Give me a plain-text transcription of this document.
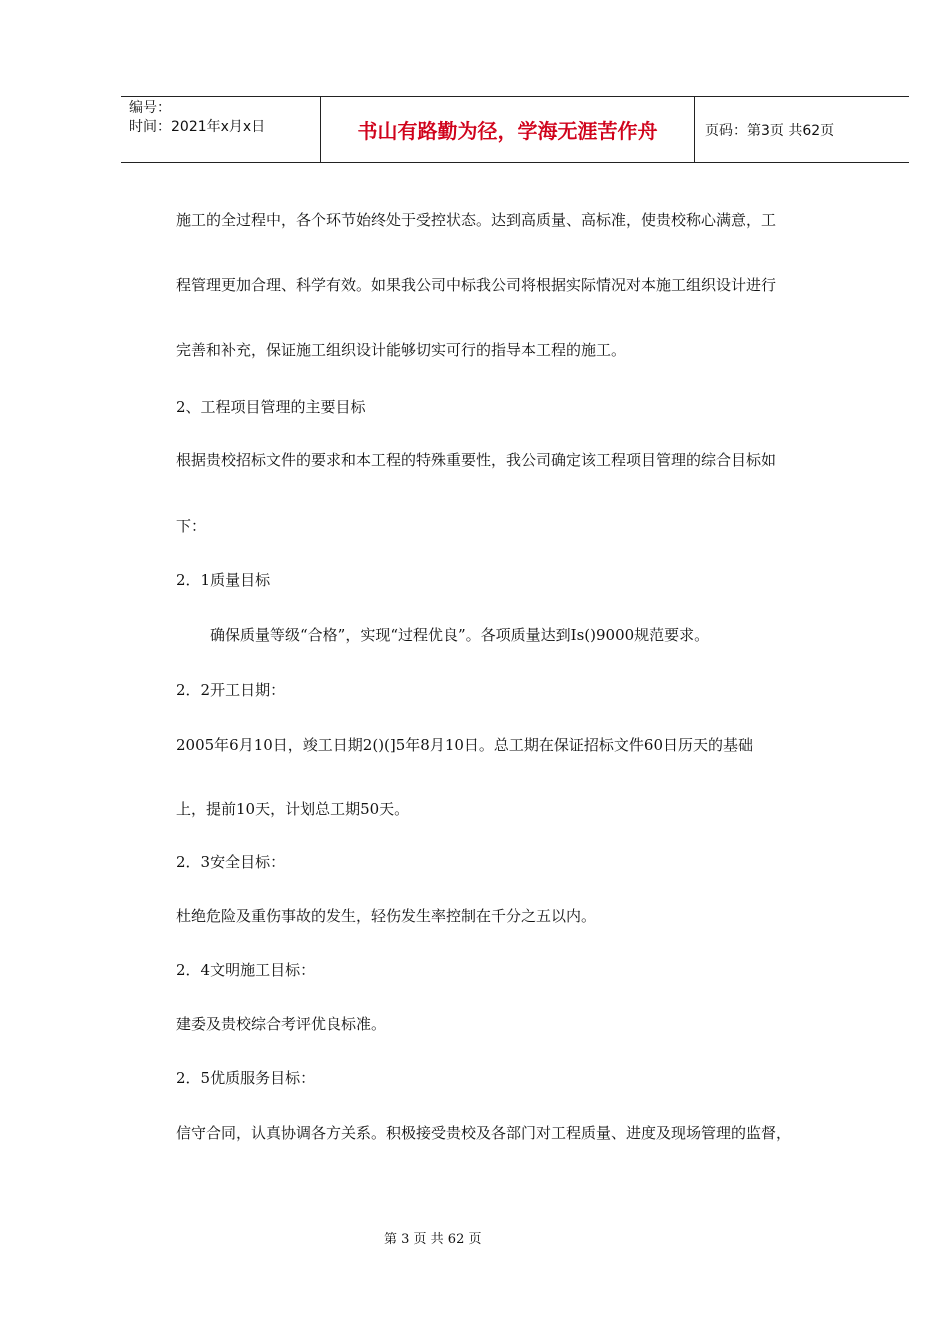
编号：
时间：2021年x月x日	书山有路勤为径，学海无涯苦作舟	页码：第3页 共62页
施工的全过程中，各个环节始终处于受控状态。达到高质量、高标准，使贵校称心满意，工
程管理更加合理、科学有效。如果我公司中标我公司将根据实际情况对本施工组织设计进行
完善和补充，保证施工组织设计能够切实可行的指导本工程的施工。
2、工程项目管理的主要目标
根据贵校招标文件的要求和本工程的特殊重要性，我公司确定该工程项目管理的综合目标如
下：
2．1质量目标
确保质量等级“合格”，实现“过程优良”。各项质量达到Is()9000规范要求。
2．2开工日期：
2005年6月10日，竣工日期2()(]5年8月10日。总工期在保证招标文件60日历天的基础
上，提前10天，计划总工期50天。
2．3安全目标：
杜绝危险及重伤事故的发生，轻伤发生率控制在千分之五以内。
2．4文明施工目标：
建委及贵校综合考评优良标准。
2．5优质服务目标：
信守合同，认真协调各方关系。积极接受贵校及各部门对工程质量、进度及现场管理的监督，
第 3 页 共 62 页
